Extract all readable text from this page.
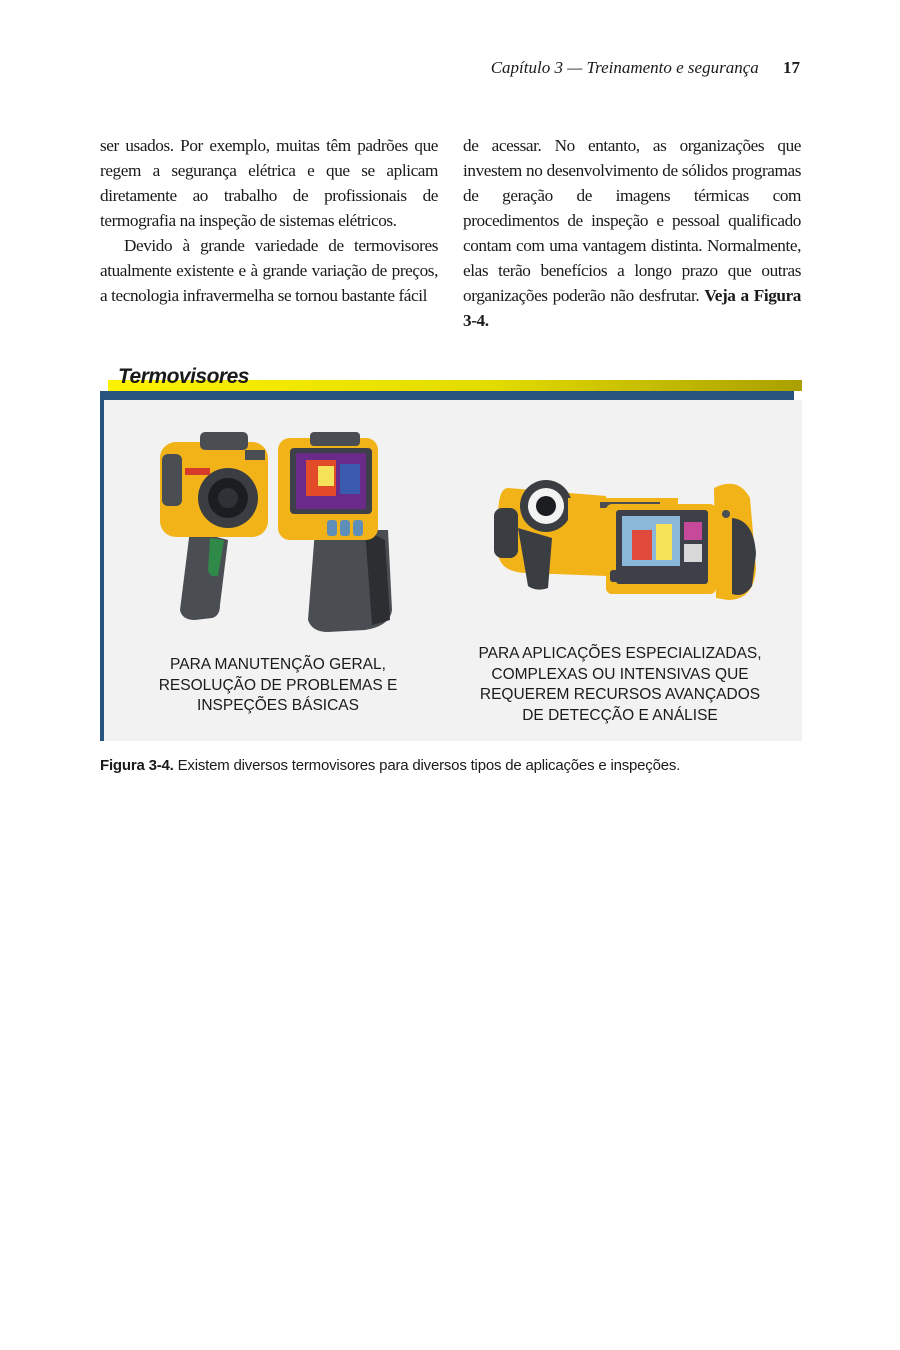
Capítulo 3 — Treinamento e segurança 17

ser usados. Por exemplo, muitas têm padrões que regem a segurança elétrica e que se aplicam diretamente ao trabalho de profissionais de termografia na inspeção de sistemas elétricos.

Devido à grande variedade de termovisores atualmente existente e à grande variação de preços, a tecnologia infravermelha se tornou bastante fácil

de acessar. No entanto, as organizações que investem no desenvolvimento de sólidos programas de geração de imagens térmicas com procedimentos de inspeção e pessoal qualificado contam com uma vantagem distinta. Normalmente, elas terão benefícios a longo prazo que outras organizações poderão não desfrutar. Veja a Figura 3-4.

Termovisores
PARA MANUTENÇÃO GERAL,
RESOLUÇÃO DE PROBLEMAS E
INSPEÇÕES BÁSICAS
PARA APLICAÇÕES ESPECIALIZADAS,
COMPLEXAS OU INTENSIVAS QUE
REQUEREM RECURSOS AVANÇADOS
DE DETECÇÃO E ANÁLISE
Figura 3-4. Existem diversos termovisores para diversos tipos de aplicações e inspeções.
